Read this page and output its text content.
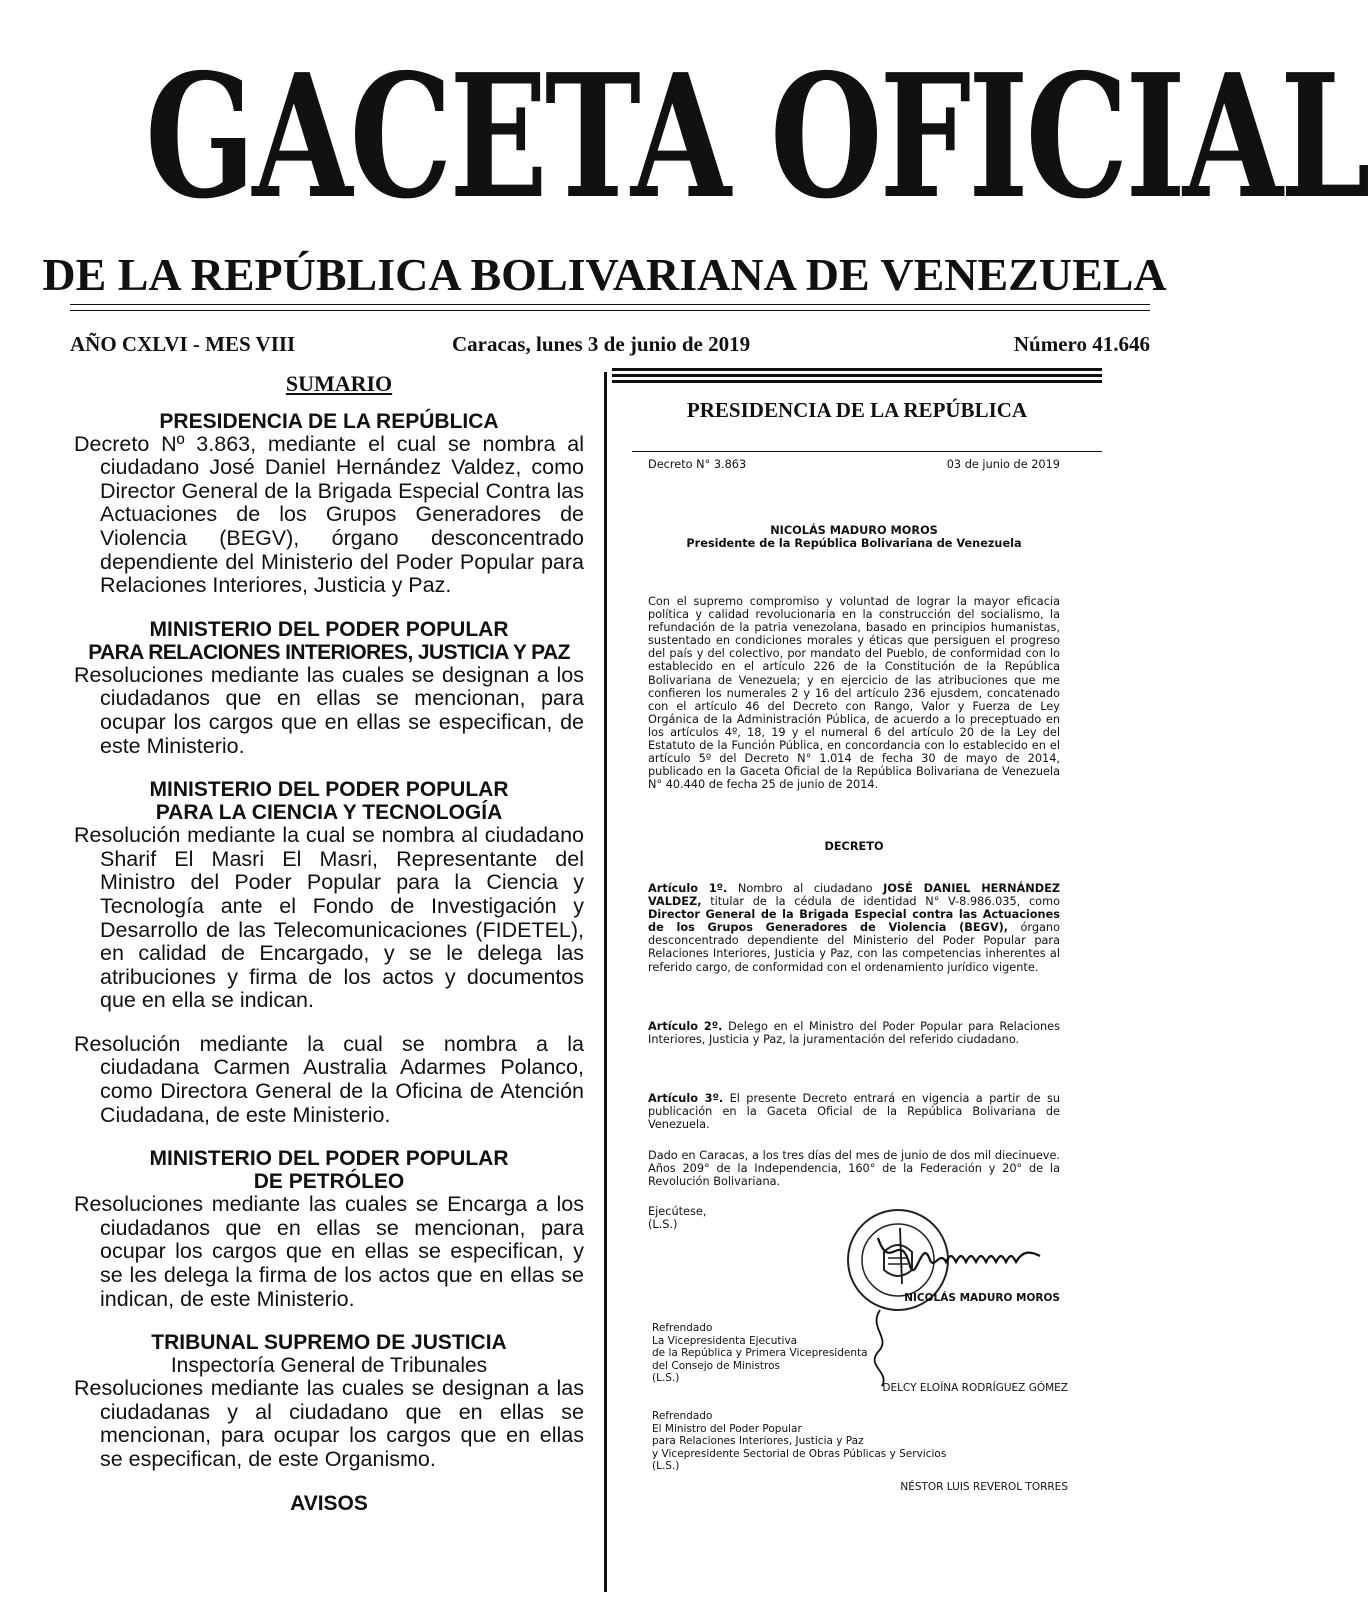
GACETA OFICIAL
DE LA REPÚBLICA BOLIVARIANA DE VENEZUELA
AÑO CXLVI - MES VIII	Caracas, lunes 3 de junio de 2019	Número 41.646
SUMARIO
PRESIDENCIA DE LA REPÚBLICA

Decreto Nº 3.863, mediante el cual se nombra al ciudadano José Daniel Hernández Valdez, como Director General de la Brigada Especial Contra las Actuaciones de los Grupos Generadores de Violencia (BEGV), órgano desconcentrado dependiente del Ministerio del Poder Popular para Relaciones Interiores, Justicia y Paz.

MINISTERIO DEL PODER POPULAR
PARA RELACIONES INTERIORES, JUSTICIA Y PAZ

Resoluciones mediante las cuales se designan a los ciudadanos que en ellas se mencionan, para ocupar los cargos que en ellas se especifican, de este Ministerio.

MINISTERIO DEL PODER POPULAR
PARA LA CIENCIA Y TECNOLOGÍA

Resolución mediante la cual se nombra al ciudadano Sharif El Masri El Masri, Representante del Ministro del Poder Popular para la Ciencia y Tecnología ante el Fondo de Investigación y Desarrollo de las Telecomunicaciones (FIDETEL), en calidad de Encargado, y se le delega las atribuciones y firma de los actos y documentos que en ella se indican.

Resolución mediante la cual se nombra a la ciudadana Carmen Australia Adarmes Polanco, como Directora General de la Oficina de Atención Ciudadana, de este Ministerio.

MINISTERIO DEL PODER POPULAR
DE PETRÓLEO

Resoluciones mediante las cuales se Encarga a los ciudadanos que en ellas se mencionan, para ocupar los cargos que en ellas se especifican, y se les delega la firma de los actos que en ellas se indican, de este Ministerio.

TRIBUNAL SUPREMO DE JUSTICIA
Inspectoría General de Tribunales

Resoluciones mediante las cuales se designan a las ciudadanas y al ciudadano que en ellas se mencionan, para ocupar los cargos que en ellas se especifican, de este Organismo.

AVISOS
PRESIDENCIA DE LA REPÚBLICA
Decreto N° 3.863	03 de junio de 2019
NICOLÁS MADURO MOROS
Presidente de la República Bolivariana de Venezuela

Con el supremo compromiso y voluntad de lograr la mayor eficacia política y calidad revolucionaria en la construcción del socialismo, la refundación de la patria venezolana, basado en principios humanistas, sustentado en condiciones morales y éticas que persiguen el progreso del país y del colectivo, por mandato del Pueblo, de conformidad con lo establecido en el artículo 226 de la Constitución de la República Bolivariana de Venezuela; y en ejercicio de las atribuciones que me confieren los numerales 2 y 16 del artículo 236 ejusdem, concatenado con el artículo 46 del Decreto con Rango, Valor y Fuerza de Ley Orgánica de la Administración Pública, de acuerdo a lo preceptuado en los artículos 4º, 18, 19 y el numeral 6 del artículo 20 de la Ley del Estatuto de la Función Pública, en concordancia con lo establecido en el artículo 5º del Decreto N° 1.014 de fecha 30 de mayo de 2014, publicado en la Gaceta Oficial de la República Bolivariana de Venezuela N° 40.440 de fecha 25 de junio de 2014.

DECRETO

Artículo 1º. Nombro al ciudadano JOSÉ DANIEL HERNÁNDEZ VALDEZ, titular de la cédula de identidad N° V-8.986.035, como Director General de la Brigada Especial contra las Actuaciones de los Grupos Generadores de Violencia (BEGV), órgano desconcentrado dependiente del Ministerio del Poder Popular para Relaciones Interiores, Justicia y Paz, con las competencias inherentes al referido cargo, de conformidad con el ordenamiento jurídico vigente.

Artículo 2º. Delego en el Ministro del Poder Popular para Relaciones Interiores, Justicia y Paz, la juramentación del referido ciudadano.

Artículo 3º. El presente Decreto entrará en vigencia a partir de su publicación en la Gaceta Oficial de la República Bolivariana de Venezuela.

Dado en Caracas, a los tres días del mes de junio de dos mil diecinueve. Años 209° de la Independencia, 160° de la Federación y 20° de la Revolución Bolivariana.

Ejecútese,
(L.S.)
NICOLÁS MADURO MOROS
Refrendado
La Vicepresidenta Ejecutiva
de la República y Primera Vicepresidenta
del Consejo de Ministros
(L.S.)
DELCY ELOÍNA RODRÍGUEZ GÓMEZ
Refrendado
El Ministro del Poder Popular
para Relaciones Interiores, Justicia y Paz
y Vicepresidente Sectorial de Obras Públicas y Servicios
(L.S.)
NÉSTOR LUIS REVEROL TORRES
